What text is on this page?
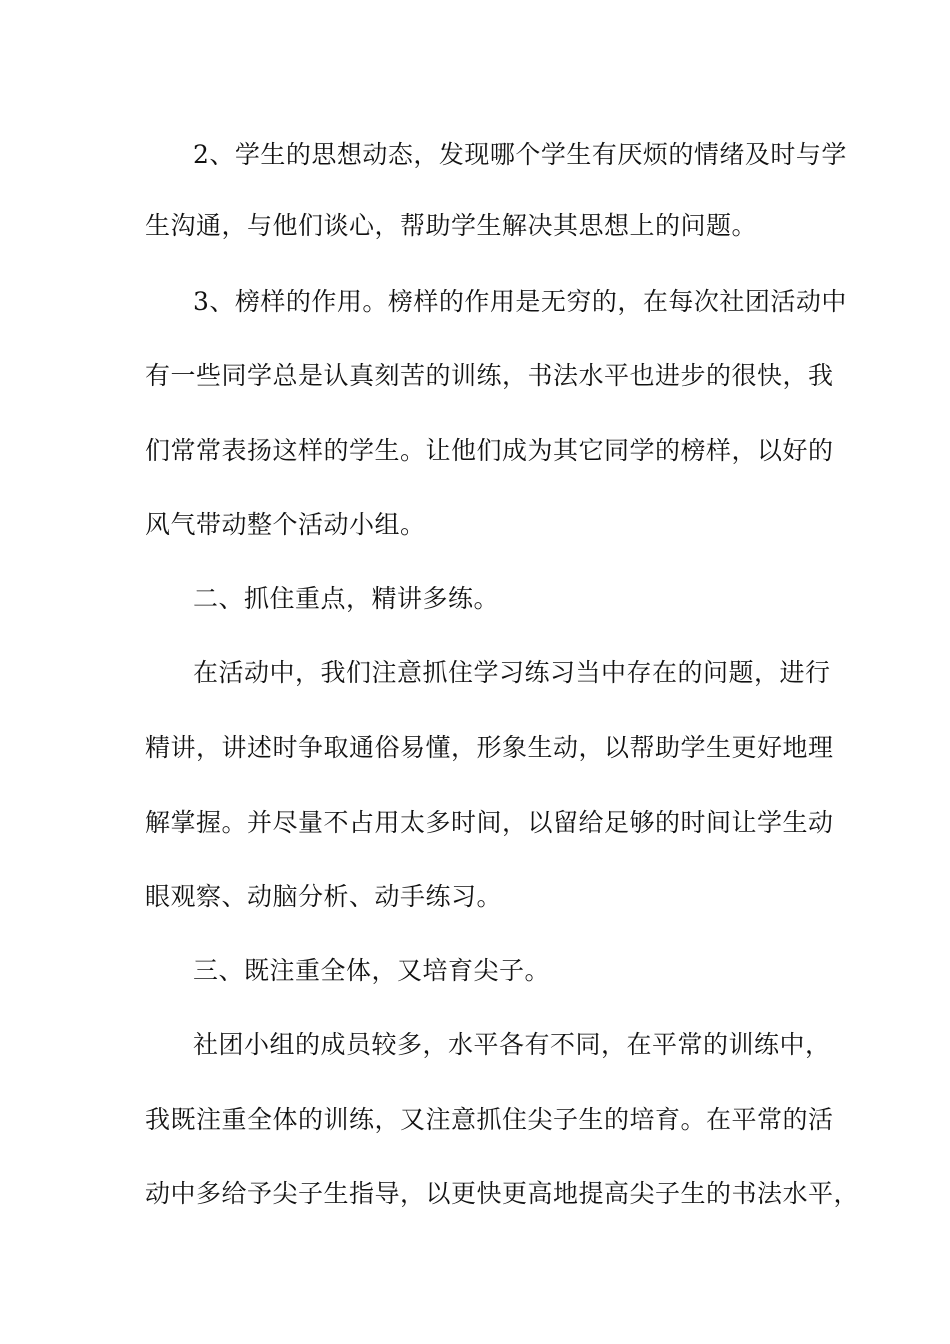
2、学生的思想动态，发现哪个学生有厌烦的情绪及时与学
生沟通，与他们谈心，帮助学生解决其思想上的问题。
3、榜样的作用。榜样的作用是无穷的，在每次社团活动中
有一些同学总是认真刻苦的训练，书法水平也进步的很快，我
们常常表扬这样的学生。让他们成为其它同学的榜样，以好的
风气带动整个活动小组。
二、抓住重点，精讲多练。
在活动中，我们注意抓住学习练习当中存在的问题，进行
精讲，讲述时争取通俗易懂，形象生动，以帮助学生更好地理
解掌握。并尽量不占用太多时间，以留给足够的时间让学生动
眼观察、动脑分析、动手练习。
三、既注重全体，又培育尖子。
社团小组的成员较多，水平各有不同，在平常的训练中，
我既注重全体的训练，又注意抓住尖子生的培育。在平常的活
动中多给予尖子生指导，以更快更高地提高尖子生的书法水平，
